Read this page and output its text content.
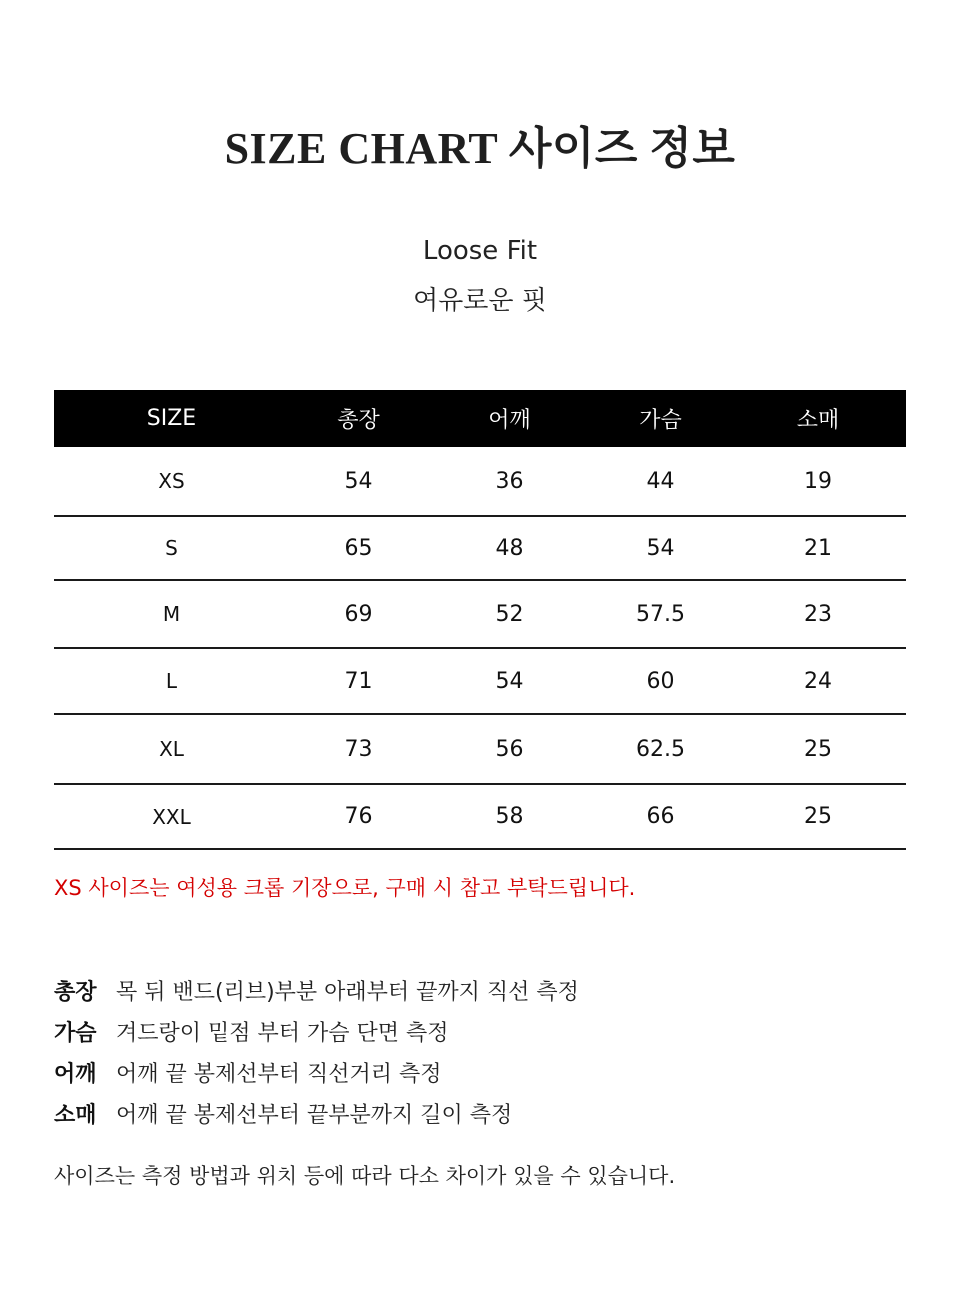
SIZE CHART 사이즈 정보
Loose Fit
여유로운 핏
SIZE	총장	어깨	가슴	소매
XS	54	36	44	19
S	65	48	54	21
M	69	52	57.5	23
L	71	54	60	24
XL	73	56	62.5	25
XXL	76	58	66	25
XS 사이즈는 여성용 크롭 기장으로, 구매 시 참고 부탁드립니다.
총장 목 뒤 밴드(리브)부분 아래부터 끝까지 직선 측정
가슴 겨드랑이 밑점 부터 가슴 단면 측정
어깨 어깨 끝 봉제선부터 직선거리 측정
소매 어깨 끝 봉제선부터 끝부분까지 길이 측정
사이즈는 측정 방법과 위치 등에 따라 다소 차이가 있을 수 있습니다.
